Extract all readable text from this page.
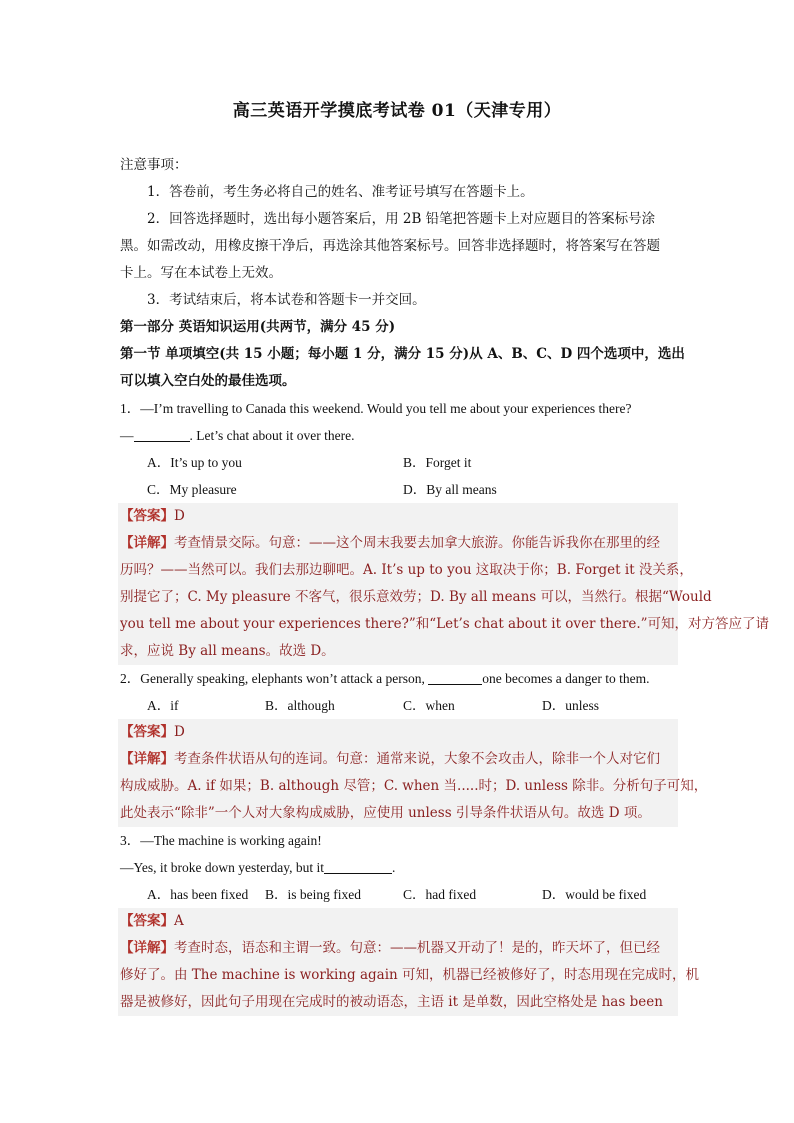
高三英语开学摸底考试卷 01（天津专用）
注意事项：
1．答卷前，考生务必将自己的姓名、准考证号填写在答题卡上。
2．回答选择题时，选出每小题答案后，用 2B 铅笔把答题卡上对应题目的答案标号涂
黑。如需改动，用橡皮擦干净后，再选涂其他答案标号。回答非选择题时，将答案写在答题
卡上。写在本试卷上无效。
3．考试结束后，将本试卷和答题卡一并交回。
第一部分 英语知识运用(共两节，满分 45 分)
第一节 单项填空(共 15 小题；每小题 1 分，满分 15 分)从 A、B、C、D 四个选项中，选出
可以填入空白处的最佳选项。
1．—I’m travelling to Canada this weekend. Would you tell me about your experiences there?
—	. Let’s chat about it over there.
A．It’s up to you	B．Forget it
C．My pleasure	D．By all means
【答案】D
【详解】考查情景交际。句意：——这个周末我要去加拿大旅游。你能告诉我你在那里的经
历吗？——当然可以。我们去那边聊吧。A. It’s up to you 这取决于你；B. Forget it 没关系，
别提它了；C. My pleasure 不客气，很乐意效劳；D. By all means 可以，当然行。根据“Would
you tell me about your experiences there?”和“Let’s chat about it over there.”可知，对方答应了请
求，应说 By all means。故选 D。
2．Generally speaking, elephants won’t attack a person,	one becomes a danger to them.
A．if	B．although	C．when	D．unless
【答案】D
【详解】考查条件状语从句的连词。句意：通常来说，大象不会攻击人，除非一个人对它们
构成威胁。A. if 如果；B. although 尽管；C. when 当.....时；D. unless 除非。分析句子可知，
此处表示“除非”一个人对大象构成威胁，应使用 unless 引导条件状语从句。故选 D 项。
3．—The machine is working again!
—Yes, it broke down yesterday, but it	.
A．has been fixed	B．is being fixed	C．had fixed	D．would be fixed
【答案】A
【详解】考查时态，语态和主谓一致。句意：——机器又开动了！是的，昨天坏了，但已经
修好了。由 The machine is working again 可知，机器已经被修好了，时态用现在完成时，机
器是被修好，因此句子用现在完成时的被动语态，主语 it 是单数，因此空格处是 has been
